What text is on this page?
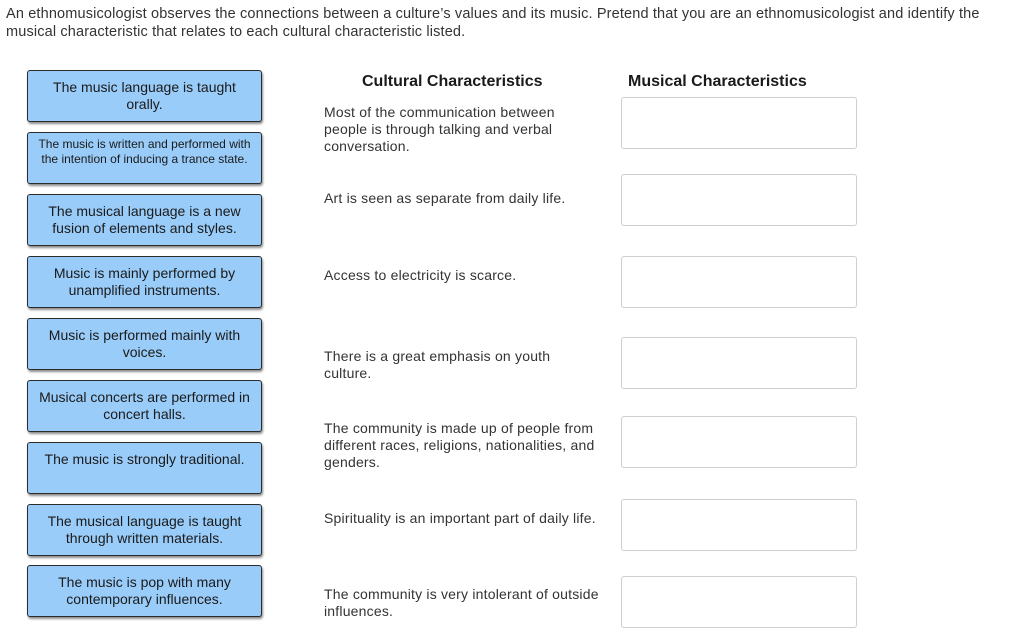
An ethnomusicologist observes the connections between a culture’s values and its music. Pretend that you are an ethnomusicologist and identify the musical characteristic that relates to each cultural characteristic listed.

The music language is taught orally.
The music is written and performed with the intention of inducing a trance state.
The musical language is a new fusion of elements and styles.
Music is mainly performed by unamplified instruments.
Music is performed mainly with voices.
Musical concerts are performed in concert halls.
The music is strongly traditional.
The musical language is taught through written materials.
The music is pop with many contemporary influences.
Cultural Characteristics	Musical Characteristics

Most of the communication between people is through talking and verbal conversation.

Art is seen as separate from daily life.

Access to electricity is scarce.

There is a great emphasis on youth culture.

The community is made up of people from different races, religions, nationalities, and genders.

Spirituality is an important part of daily life.

The community is very intolerant of outside influences.
